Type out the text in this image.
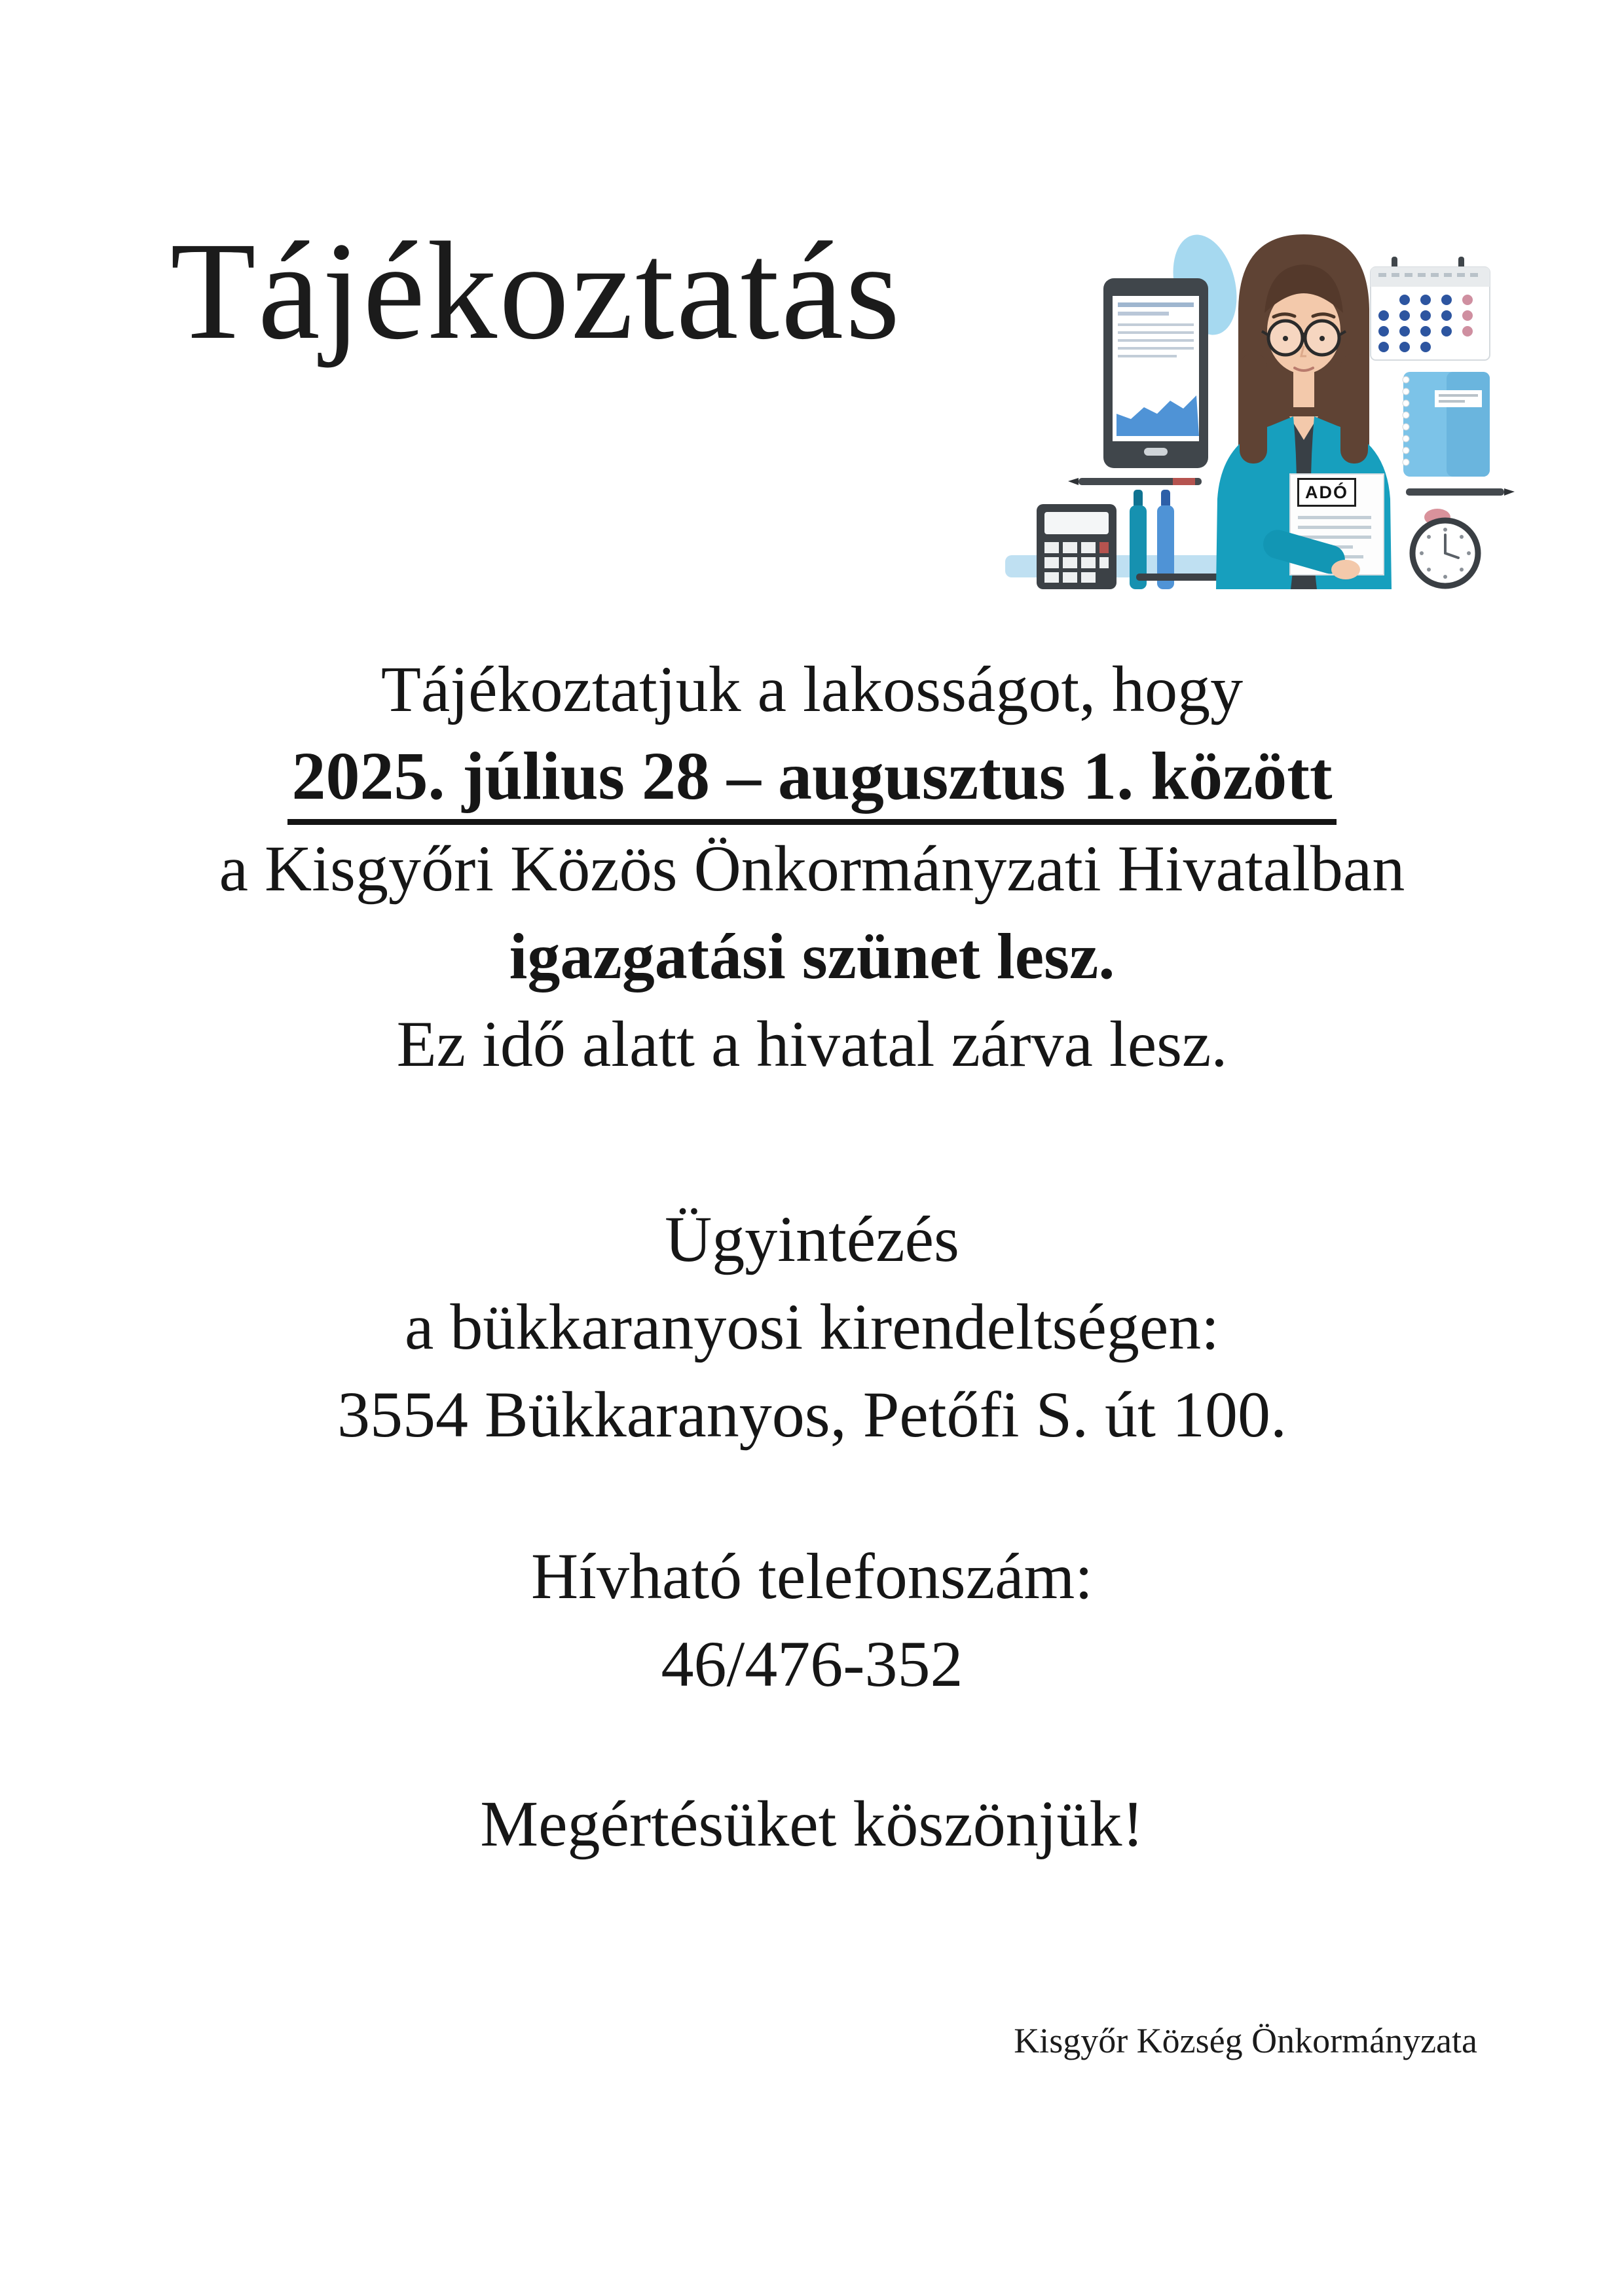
Tájékoztatás
ADÓ

Tájékoztatjuk a lakosságot, hogy

2025. július 28 – augusztus 1. között

a Kisgyőri Közös Önkormányzati Hivatalban

igazgatási szünet lesz.

Ez idő alatt a hivatal zárva lesz.

Ügyintézés

a bükkaranyosi kirendeltségen:

3554 Bükkaranyos, Petőfi S. út 100.

Hívható telefonszám:

46/476-352

Megértésüket köszönjük!

Kisgyőr Község Önkormányzata
